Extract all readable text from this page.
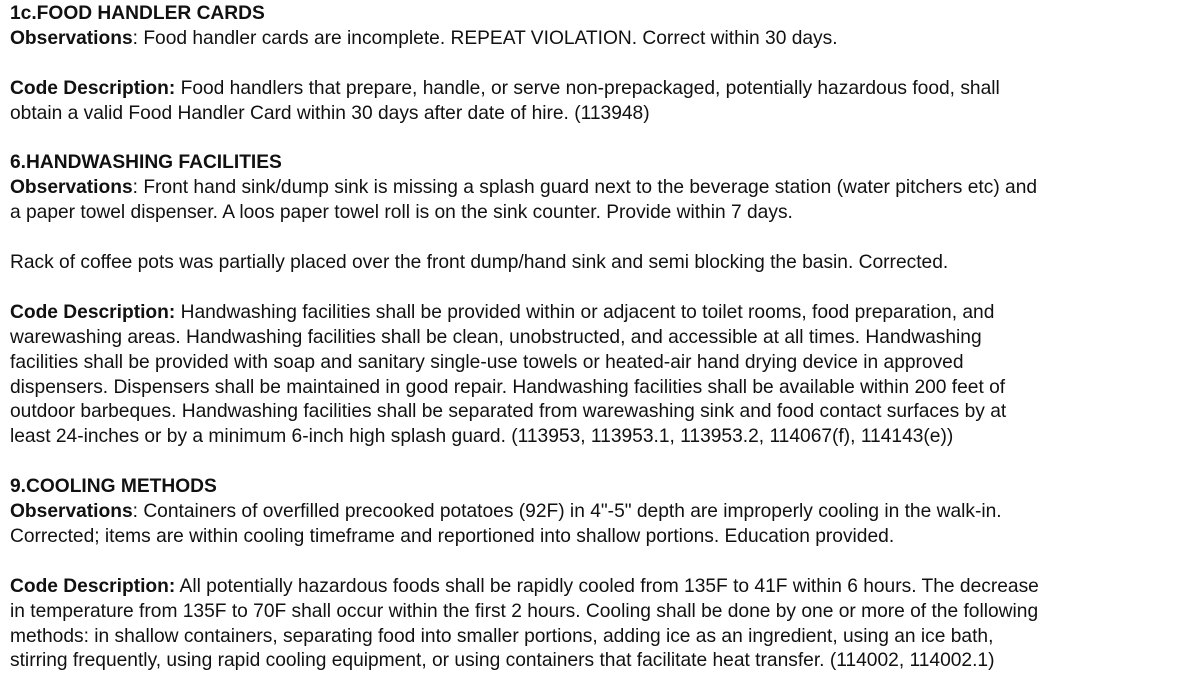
1c.FOOD HANDLER CARDS
Observations: Food handler cards are incomplete. REPEAT VIOLATION. Correct within 30 days.
Code Description: Food handlers that prepare, handle, or serve non-prepackaged, potentially hazardous food, shall
obtain a valid Food Handler Card within 30 days after date of hire. (113948)
6.HANDWASHING FACILITIES
Observations: Front hand sink/dump sink is missing a splash guard next to the beverage station (water pitchers etc) and
a paper towel dispenser. A loos paper towel roll is on the sink counter. Provide within 7 days.
Rack of coffee pots was partially placed over the front dump/hand sink and semi blocking the basin. Corrected.
Code Description: Handwashing facilities shall be provided within or adjacent to toilet rooms, food preparation, and
warewashing areas. Handwashing facilities shall be clean, unobstructed, and accessible at all times. Handwashing
facilities shall be provided with soap and sanitary single-use towels or heated-air hand drying device in approved
dispensers. Dispensers shall be maintained in good repair. Handwashing facilities shall be available within 200 feet of
outdoor barbeques. Handwashing facilities shall be separated from warewashing sink and food contact surfaces by at
least 24-inches or by a minimum 6-inch high splash guard. (113953, 113953.1, 113953.2, 114067(f), 114143(e))
9.COOLING METHODS
Observations: Containers of overfilled precooked potatoes (92F) in 4"-5" depth are improperly cooling in the walk-in.
Corrected; items are within cooling timeframe and reportioned into shallow portions. Education provided.
Code Description: All potentially hazardous foods shall be rapidly cooled from 135F to 41F within 6 hours. The decrease
in temperature from 135F to 70F shall occur within the first 2 hours. Cooling shall be done by one or more of the following
methods: in shallow containers, separating food into smaller portions, adding ice as an ingredient, using an ice bath,
stirring frequently, using rapid cooling equipment, or using containers that facilitate heat transfer. (114002, 114002.1)
